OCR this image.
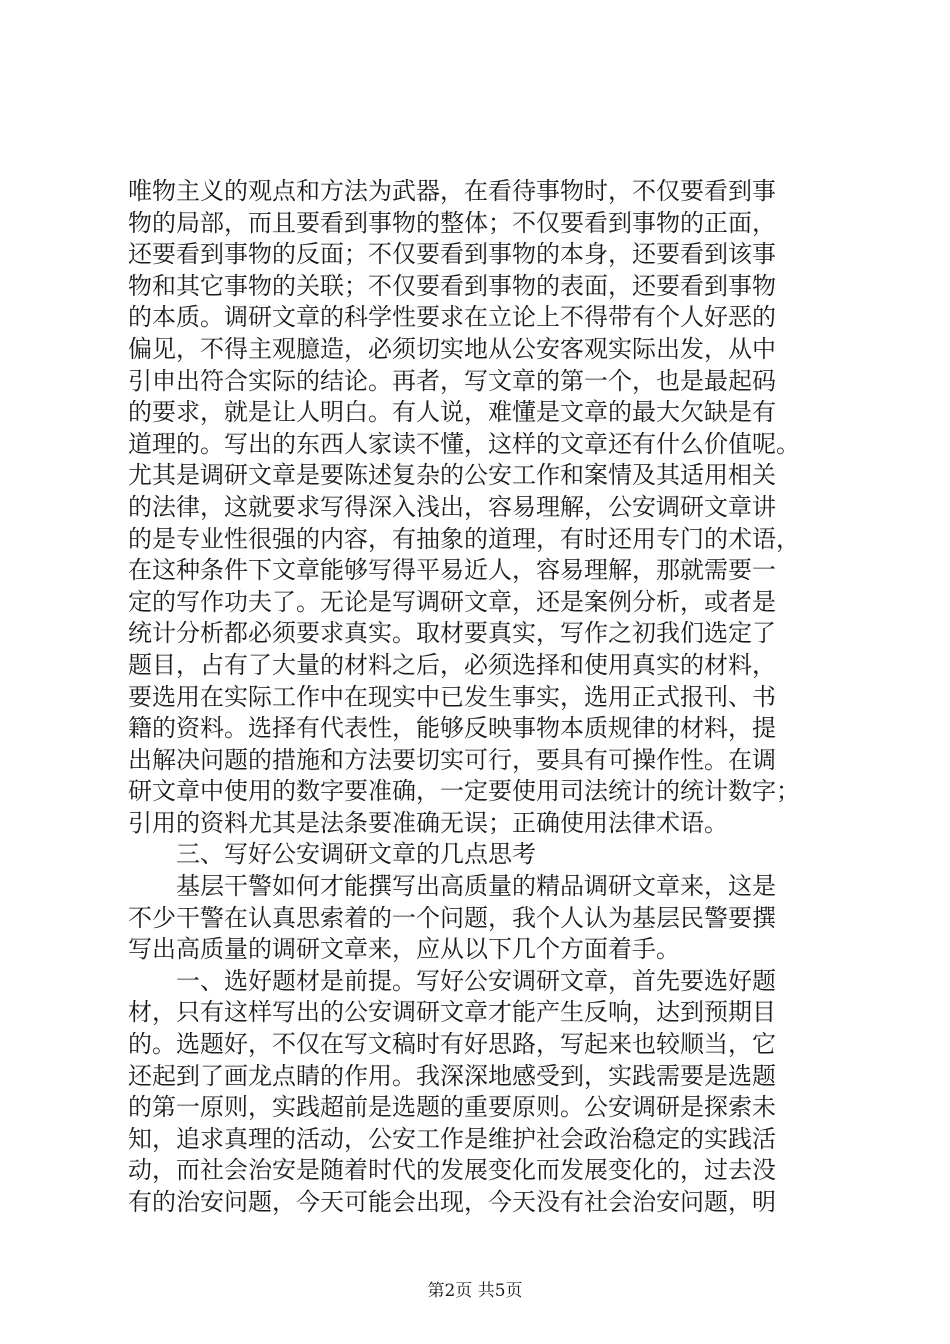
唯物主义的观点和方法为武器，在看待事物时，不仅要看到事
物的局部，而且要看到事物的整体；不仅要看到事物的正面，
还要看到事物的反面；不仅要看到事物的本身，还要看到该事
物和其它事物的关联；不仅要看到事物的表面，还要看到事物
的本质。调研文章的科学性要求在立论上不得带有个人好恶的
偏见，不得主观臆造，必须切实地从公安客观实际出发，从中
引申出符合实际的结论。再者，写文章的第一个，也是最起码
的要求，就是让人明白。有人说，难懂是文章的最大欠缺是有
道理的。写出的东西人家读不懂，这样的文章还有什么价值呢。
尤其是调研文章是要陈述复杂的公安工作和案情及其适用相关
的法律，这就要求写得深入浅出，容易理解，公安调研文章讲
的是专业性很强的内容，有抽象的道理，有时还用专门的术语，
在这种条件下文章能够写得平易近人，容易理解，那就需要一
定的写作功夫了。无论是写调研文章，还是案例分析，或者是
统计分析都必须要求真实。取材要真实，写作之初我们选定了
题目，占有了大量的材料之后，必须选择和使用真实的材料，
要选用在实际工作中在现实中已发生事实，选用正式报刊、书
籍的资料。选择有代表性，能够反映事物本质规律的材料，提
出解决问题的措施和方法要切实可行，要具有可操作性。在调
研文章中使用的数字要准确，一定要使用司法统计的统计数字；
引用的资料尤其是法条要准确无误；正确使用法律术语。
　　三、写好公安调研文章的几点思考
　　基层干警如何才能撰写出高质量的精品调研文章来，这是
不少干警在认真思索着的一个问题，我个人认为基层民警要撰
写出高质量的调研文章来，应从以下几个方面着手。
　　一、选好题材是前提。写好公安调研文章，首先要选好题
材，只有这样写出的公安调研文章才能产生反响，达到预期目
的。选题好，不仅在写文稿时有好思路，写起来也较顺当，它
还起到了画龙点睛的作用。我深深地感受到，实践需要是选题
的第一原则，实践超前是选题的重要原则。公安调研是探索未
知，追求真理的活动，公安工作是维护社会政治稳定的实践活
动，而社会治安是随着时代的发展变化而发展变化的，过去没
有的治安问题，今天可能会出现，今天没有社会治安问题，明
第2页 共5页
